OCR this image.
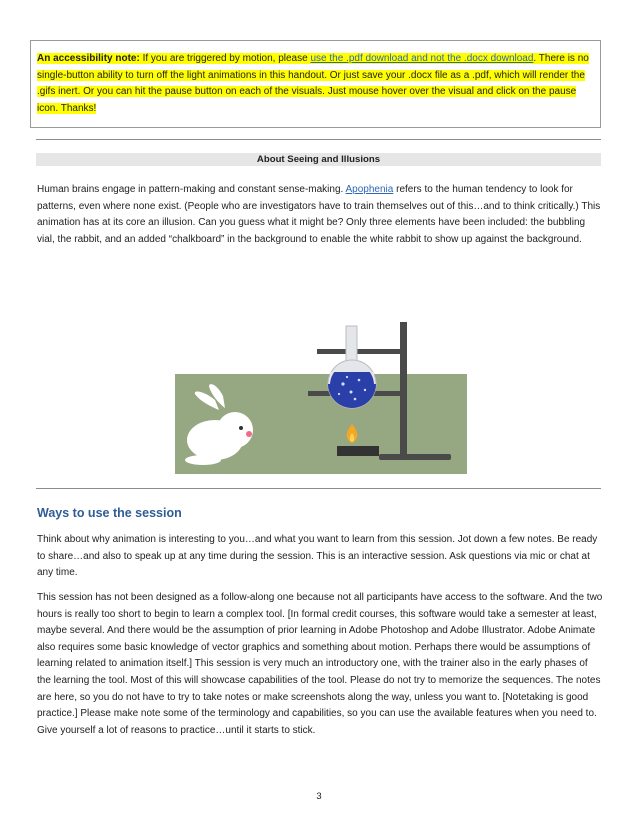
An accessibility note: If you are triggered by motion, please use the .pdf download and not the .docx download. There is no single-button ability to turn off the light animations in this handout. Or just save your .docx file as a .pdf, which will render the .gifs inert. Or you can hit the pause button on each of the visuals. Just mouse hover over the visual and click on the pause icon. Thanks!

About Seeing and Illusions

Human brains engage in pattern-making and constant sense-making. Apophenia refers to the human tendency to look for patterns, even where none exist. (People who are investigators have to train themselves out of this…and to think critically.) This animation has at its core an illusion. Can you guess what it might be? Only three elements have been included: the bubbling vial, the rabbit, and an added “chalkboard” in the background to enable the white rabbit to show up against the background.

Ways to use the session

Think about why animation is interesting to you…and what you want to learn from this session. Jot down a few notes. Be ready to share…and also to speak up at any time during the session. This is an interactive session. Ask questions via mic or chat at any time.

This session has not been designed as a follow-along one because not all participants have access to the software. And the two hours is really too short to begin to learn a complex tool. [In formal credit courses, this software would take a semester at least, maybe several. And there would be the assumption of prior learning in Adobe Photoshop and Adobe Illustrator. Adobe Animate also requires some basic knowledge of vector graphics and something about motion. Perhaps there would be assumptions of learning related to animation itself.] This session is very much an introductory one, with the trainer also in the early phases of the learning the tool. Most of this will showcase capabilities of the tool. Please do not try to memorize the sequences. The notes are here, so you do not have to try to take notes or make screenshots along the way, unless you want to. [Notetaking is good practice.] Please make note some of the terminology and capabilities, so you can use the available features when you need to. Give yourself a lot of reasons to practice…until it starts to stick.

3
